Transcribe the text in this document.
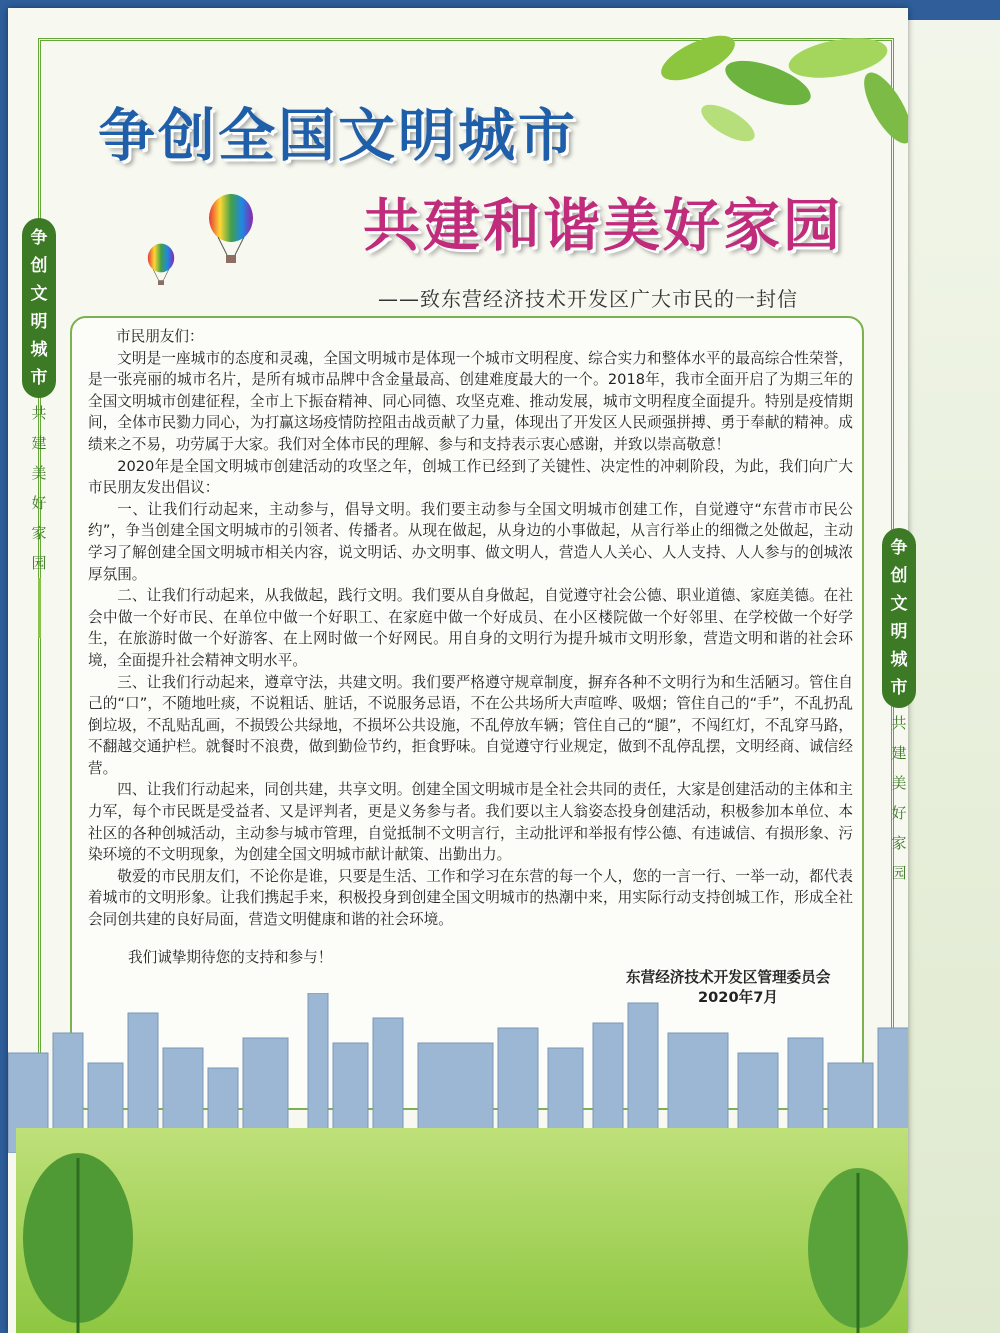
争创全国文明城市
共建和谐美好家园
——致东营经济技术开发区广大市民的一封信
争
创
文
明
城
市
共
建
美
好
家
园

市民朋友们：

文明是一座城市的态度和灵魂，全国文明城市是体现一个城市文明程度、综合实力和整体水平的最高综合性荣誉，是一张亮丽的城市名片，是所有城市品牌中含金量最高、创建难度最大的一个。2018年，我市全面开启了为期三年的全国文明城市创建征程，全市上下振奋精神、同心同德、攻坚克难、推动发展，城市文明程度全面提升。特别是疫情期间，全体市民勠力同心，为打赢这场疫情防控阻击战贡献了力量，体现出了开发区人民顽强拼搏、勇于奉献的精神。成绩来之不易，功劳属于大家。我们对全体市民的理解、参与和支持表示衷心感谢，并致以崇高敬意！

2020年是全国文明城市创建活动的攻坚之年，创城工作已经到了关键性、决定性的冲刺阶段，为此，我们向广大市民朋友发出倡议：

一、让我们行动起来，主动参与，倡导文明。我们要主动参与全国文明城市创建工作，自觉遵守“东营市市民公约”，争当创建全国文明城市的引领者、传播者。从现在做起，从身边的小事做起，从言行举止的细微之处做起，主动学习了解创建全国文明城市相关内容，说文明话、办文明事、做文明人，营造人人关心、人人支持、人人参与的创城浓厚氛围。

二、让我们行动起来，从我做起，践行文明。我们要从自身做起，自觉遵守社会公德、职业道德、家庭美德。在社会中做一个好市民、在单位中做一个好职工、在家庭中做一个好成员、在小区楼院做一个好邻里、在学校做一个好学生，在旅游时做一个好游客、在上网时做一个好网民。用自身的文明行为提升城市文明形象，营造文明和谐的社会环境，全面提升社会精神文明水平。

三、让我们行动起来，遵章守法，共建文明。我们要严格遵守规章制度，摒弃各种不文明行为和生活陋习。管住自己的“口”，不随地吐痰，不说粗话、脏话，不说服务忌语，不在公共场所大声喧哗、吸烟；管住自己的“手”，不乱扔乱倒垃圾，不乱贴乱画，不损毁公共绿地，不损坏公共设施，不乱停放车辆；管住自己的“腿”，不闯红灯，不乱穿马路，不翻越交通护栏。就餐时不浪费，做到勤俭节约，拒食野味。自觉遵守行业规定，做到不乱停乱摆，文明经商、诚信经营。

四、让我们行动起来，同创共建，共享文明。创建全国文明城市是全社会共同的责任，大家是创建活动的主体和主力军，每个市民既是受益者、又是评判者，更是义务参与者。我们要以主人翁姿态投身创建活动，积极参加本单位、本社区的各种创城活动，主动参与城市管理，自觉抵制不文明言行，主动批评和举报有悖公德、有违诚信、有损形象、污染环境的不文明现象，为创建全国文明城市献计献策、出勤出力。

敬爱的市民朋友们，不论你是谁，只要是生活、工作和学习在东营的每一个人，您的一言一行、一举一动，都代表着城市的文明形象。让我们携起手来，积极投身到创建全国文明城市的热潮中来，用实际行动支持创城工作，形成全社会同创共建的良好局面，营造文明健康和谐的社会环境。

我们诚挚期待您的支持和参与！
东营经济技术开发区管理委员会
2020年7月
争
创
文
明
城
市
共
建
美
好
家
园
